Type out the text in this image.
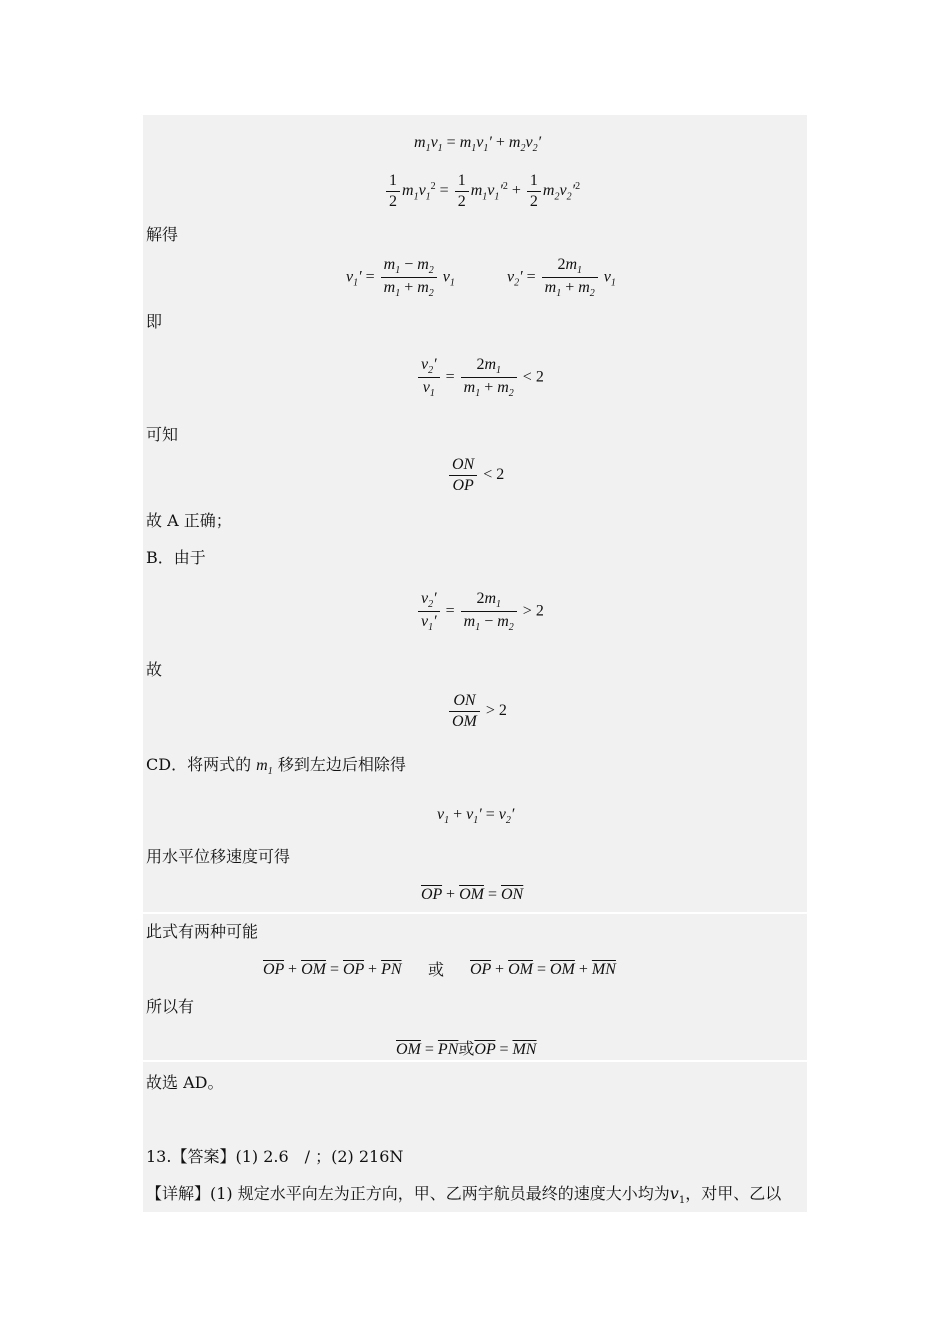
$m_1v_1 = m_1v_1' + m_2v_2'$
$\frac{1}{2} m_1v_1^2 = \frac{1}{2} m_1v_1'^2 + \frac{1}{2} m_2v_2'^2$
解得
$v_1' = \frac{m_1 - m_2}{m_1 + m_2} v_1$	$v_2' = \frac{2m_1}{m_1 + m_2} v_1$
即
$\frac{v_2'}{v_1} = \frac{2m_1}{m_1 + m_2} < 2$
可知
$\frac{ON}{OP} < 2$
故 A 正确；
B．由于
$\frac{v_2'}{v_1'} = \frac{2m_1}{m_1 - m_2} > 2$
故
$\frac{ON}{OM} > 2$
CD．将两式的 $m_1$ 移到左边后相除得
$v_1 + v_1' = v_2'$
用水平位移速度可得
$\overline{OP} + \overline{OM} = \overline{ON}$
此式有两种可能
$\overline{OP} + \overline{OM} = \overline{OP} + \overline{PN}$ 或 $\overline{OP} + \overline{OM} = \overline{OM} + \overline{MN}$
所以有
$\overline{OM} = \overline{PN}$或$\overline{OP} = \overline{MN}$
故选 AD。
13.【答案】(1) 2.6　/ ；(2) 216N
【详解】(1) 规定水平向左为正方向，甲、乙两宇航员最终的速度大小均为$v_1$，对甲、乙以
